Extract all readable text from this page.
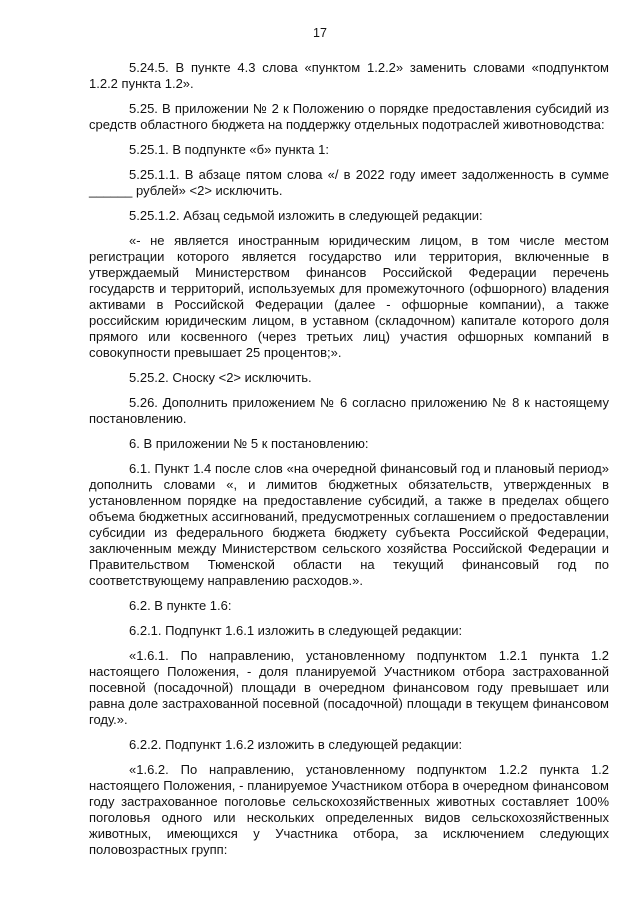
17

5.24.5. В пункте 4.3 слова «пунктом 1.2.2» заменить словами «подпунктом 1.2.2 пункта 1.2».

5.25. В приложении № 2 к Положению о порядке предоставления субсидий из средств областного бюджета на поддержку отдельных подотраслей животноводства:

5.25.1. В подпункте «б» пункта 1:

5.25.1.1. В абзаце пятом слова «/ в 2022 году имеет задолженность в сумме ______ рублей» <2> исключить.

5.25.1.2. Абзац седьмой изложить в следующей редакции:

«- не является иностранным юридическим лицом, в том числе местом регистрации которого является государство или территория, включенные в утверждаемый Министерством финансов Российской Федерации перечень государств и территорий, используемых для промежуточного (офшорного) владения активами в Российской Федерации (далее - офшорные компании), а также российским юридическим лицом, в уставном (складочном) капитале которого доля прямого или косвенного (через третьих лиц) участия офшорных компаний в совокупности превышает 25 процентов;».

5.25.2. Сноску <2> исключить.

5.26. Дополнить приложением № 6 согласно приложению № 8 к настоящему постановлению.

6. В приложении № 5 к постановлению:

6.1. Пункт 1.4 после слов «на очередной финансовый год и плановый период» дополнить словами «, и лимитов бюджетных обязательств, утвержденных в установленном порядке на предоставление субсидий, а также в пределах общего объема бюджетных ассигнований, предусмотренных соглашением о предоставлении субсидии из федерального бюджета бюджету субъекта Российской Федерации, заключенным между Министерством сельского хозяйства Российской Федерации и Правительством Тюменской области на текущий финансовый год по соответствующему направлению расходов.».

6.2. В пункте 1.6:

6.2.1. Подпункт 1.6.1 изложить в следующей редакции:

«1.6.1. По направлению, установленному подпунктом 1.2.1 пункта 1.2 настоящего Положения, - доля планируемой Участником отбора застрахованной посевной (посадочной) площади в очередном финансовом году превышает или равна доле застрахованной посевной (посадочной) площади в текущем финансовом году.».

6.2.2. Подпункт 1.6.2 изложить в следующей редакции:

«1.6.2. По направлению, установленному подпунктом 1.2.2 пункта 1.2 настоящего Положения, - планируемое Участником отбора в очередном финансовом году застрахованное поголовье сельскохозяйственных животных составляет 100% поголовья одного или нескольких определенных видов сельскохозяйственных животных, имеющихся у Участника отбора, за исключением следующих половозрастных групп:
